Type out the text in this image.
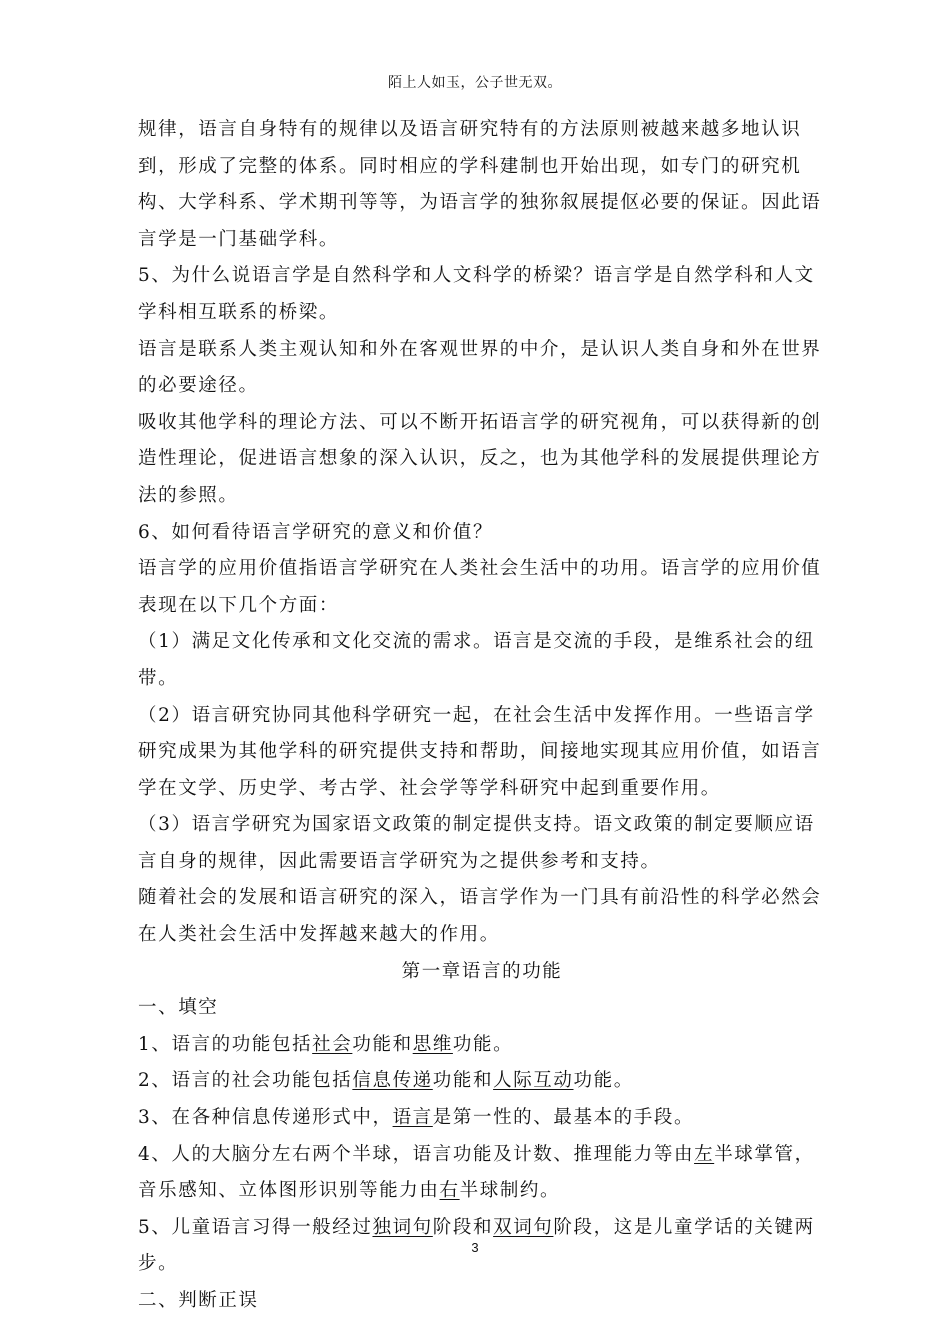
陌上人如玉，公子世无双。

规律，语言自身特有的规律以及语言研究特有的方法原则被越来越多地认识到，形成了完整的体系。同时相应的学科建制也开始出现，如专门的研究机构、大学科系、学术期刊等等，为语言学的独狝叙展提伛必要的保证。因此语言学是一门基础学科。

5、为什么说语言学是自然科学和人文科学的桥梁？语言学是自然学科和人文学科相互联系的桥梁。

语言是联系人类主观认知和外在客观世界的中介，是认识人类自身和外在世界的必要途径。

吸收其他学科的理论方法、可以不断开拓语言学的研究视角，可以获得新的创造性理论，促进语言想象的深入认识，反之，也为其他学科的发展提供理论方法的参照。

6、如何看待语言学研究的意义和价值？

语言学的应用价值指语言学研究在人类社会生活中的功用。语言学的应用价值表现在以下几个方面：

（1）满足文化传承和文化交流的需求。语言是交流的手段，是维系社会的纽带。

（2）语言研究协同其他科学研究一起，在社会生活中发挥作用。一些语言学研究成果为其他学科的研究提供支持和帮助，间接地实现其应用价值，如语言学在文学、历史学、考古学、社会学等学科研究中起到重要作用。

（3）语言学研究为国家语文政策的制定提供支持。语文政策的制定要顺应语言自身的规律，因此需要语言学研究为之提供参考和支持。

随着社会的发展和语言研究的深入，语言学作为一门具有前沿性的科学必然会在人类社会生活中发挥越来越大的作用。

第一章语言的功能

一、填空

1、语言的功能包括社会功能和思维功能。

2、语言的社会功能包括信息传递功能和人际互动功能。

3、在各种信息传递形式中，语言是第一性的、最基本的手段。

4、人的大脑分左右两个半球，语言功能及计数、推理能力等由左半球掌管，音乐感知、立体图形识别等能力由右半球制约。

5、儿童语言习得一般经过独词句阶段和双词句阶段，这是儿童学话的关键两步。

二、判断正误

3
